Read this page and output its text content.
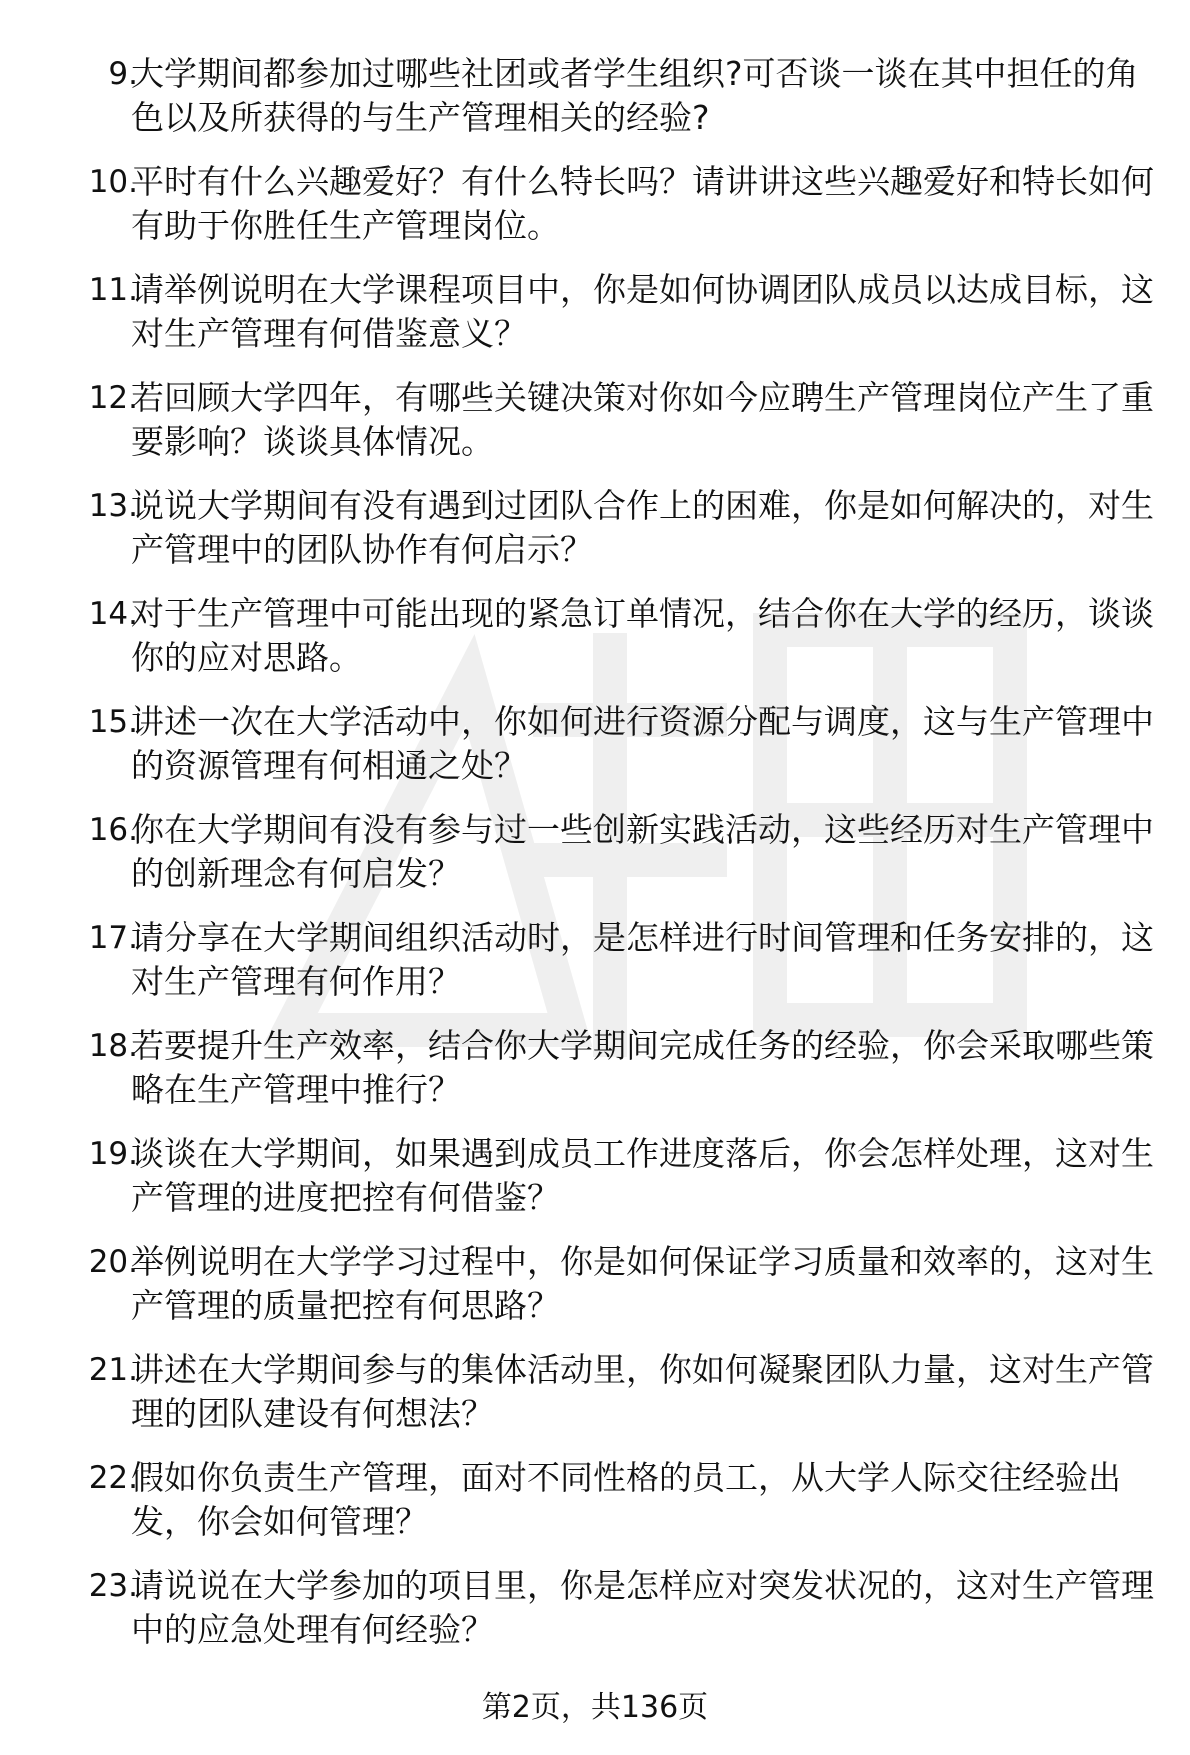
9.
大学期间都参加过哪些社团或者学生组织?可否谈一谈在其中担任的角色以及所获得的与生产管理相关的经验?
10.
平时有什么兴趣爱好？有什么特长吗？请讲讲这些兴趣爱好和特长如何有助于你胜任生产管理岗位。
11.
请举例说明在大学课程项目中，你是如何协调团队成员以达成目标，这对生产管理有何借鉴意义？
12.
若回顾大学四年，有哪些关键决策对你如今应聘生产管理岗位产生了重要影响？谈谈具体情况。
13.
说说大学期间有没有遇到过团队合作上的困难，你是如何解决的，对生产管理中的团队协作有何启示？
14.
对于生产管理中可能出现的紧急订单情况，结合你在大学的经历，谈谈你的应对思路。
15.
讲述一次在大学活动中，你如何进行资源分配与调度，这与生产管理中的资源管理有何相通之处？
16.
你在大学期间有没有参与过一些创新实践活动，这些经历对生产管理中的创新理念有何启发？
17.
请分享在大学期间组织活动时，是怎样进行时间管理和任务安排的，这对生产管理有何作用？
18.
若要提升生产效率，结合你大学期间完成任务的经验，你会采取哪些策略在生产管理中推行？
19.
谈谈在大学期间，如果遇到成员工作进度落后，你会怎样处理，这对生产管理的进度把控有何借鉴？
20.
举例说明在大学学习过程中，你是如何保证学习质量和效率的，这对生产管理的质量把控有何思路？
21.
讲述在大学期间参与的集体活动里，你如何凝聚团队力量，这对生产管理的团队建设有何想法？
22.
假如你负责生产管理，面对不同性格的员工，从大学人际交往经验出发，你会如何管理？
23.
请说说在大学参加的项目里，你是怎样应对突发状况的，这对生产管理中的应急处理有何经验？
第2页，共136页
